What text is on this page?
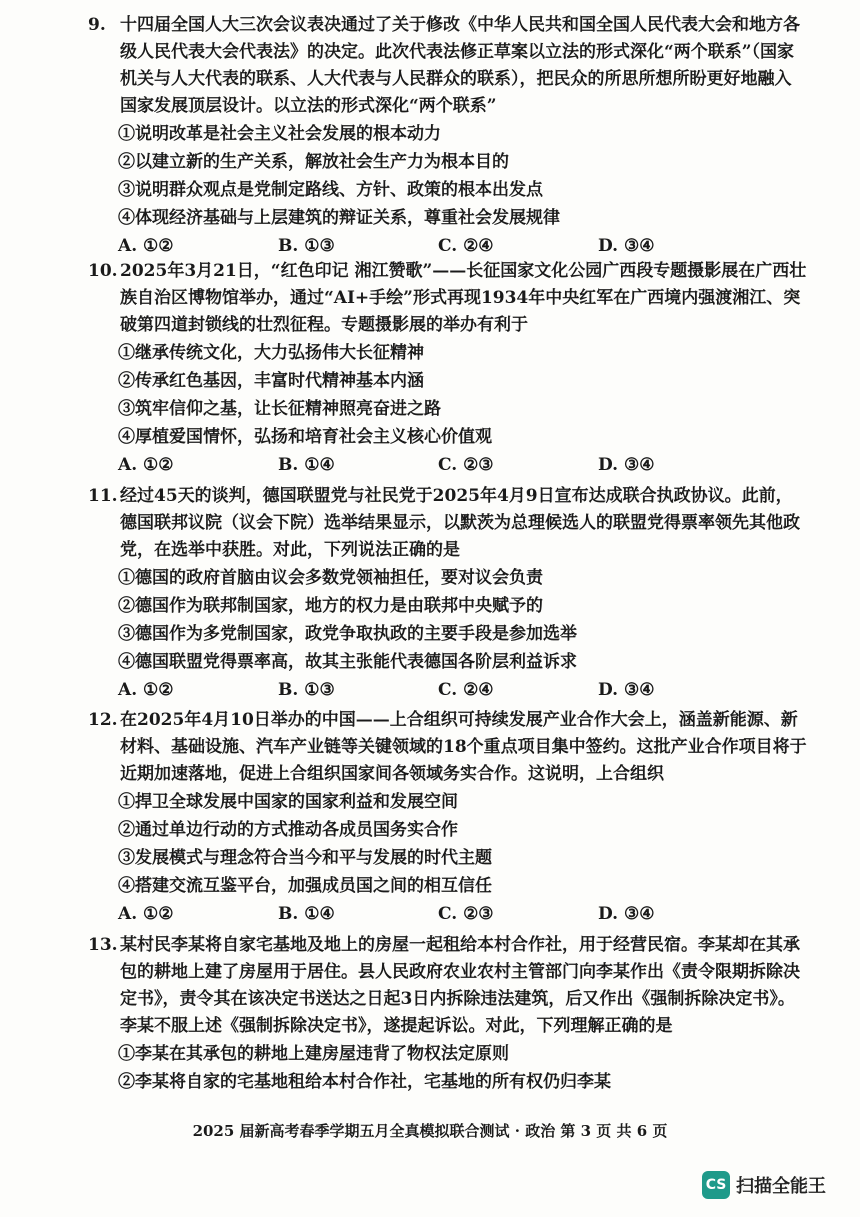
9. 十四届全国人大三次会议表决通过了关于修改《中华人民共和国全国人民代表大会和地方各级人民代表大会代表法》的决定。此次代表法修正草案以立法的形式深化“两个联系”（国家机关与人大代表的联系、人大代表与人民群众的联系），把民众的所思所想所盼更好地融入国家发展顶层设计。以立法的形式深化“两个联系”
①说明改革是社会主义社会发展的根本动力
②以建立新的生产关系，解放社会生产力为根本目的
③说明群众观点是党制定路线、方针、政策的根本出发点
④体现经济基础与上层建筑的辩证关系，尊重社会发展规律
A. ①②	B. ①③	C. ②④	D. ③④
10. 2025年3月21日，“红色印记 湘江赞歌”——长征国家文化公园广西段专题摄影展在广西壮族自治区博物馆举办，通过“AI+手绘”形式再现1934年中央红军在广西境内强渡湘江、突破第四道封锁线的壮烈征程。专题摄影展的举办有利于
①继承传统文化，大力弘扬伟大长征精神
②传承红色基因，丰富时代精神基本内涵
③筑牢信仰之基，让长征精神照亮奋进之路
④厚植爱国情怀，弘扬和培育社会主义核心价值观
A. ①②	B. ①④	C. ②③	D. ③④
11. 经过45天的谈判，德国联盟党与社民党于2025年4月9日宣布达成联合执政协议。此前，德国联邦议院（议会下院）选举结果显示，以默茨为总理候选人的联盟党得票率领先其他政党，在选举中获胜。对此，下列说法正确的是
①德国的政府首脑由议会多数党领袖担任，要对议会负责
②德国作为联邦制国家，地方的权力是由联邦中央赋予的
③德国作为多党制国家，政党争取执政的主要手段是参加选举
④德国联盟党得票率高，故其主张能代表德国各阶层利益诉求
A. ①②	B. ①③	C. ②④	D. ③④
12. 在2025年4月10日举办的中国——上合组织可持续发展产业合作大会上，涵盖新能源、新材料、基础设施、汽车产业链等关键领域的18个重点项目集中签约。这批产业合作项目将于近期加速落地，促进上合组织国家间各领域务实合作。这说明，上合组织
①捍卫全球发展中国家的国家利益和发展空间
②通过单边行动的方式推动各成员国务实合作
③发展模式与理念符合当今和平与发展的时代主题
④搭建交流互鉴平台，加强成员国之间的相互信任
A. ①②	B. ①④	C. ②③	D. ③④
13. 某村民李某将自家宅基地及地上的房屋一起租给本村合作社，用于经营民宿。李某却在其承包的耕地上建了房屋用于居住。县人民政府农业农村主管部门向李某作出《责令限期拆除决定书》，责令其在该决定书送达之日起3日内拆除违法建筑，后又作出《强制拆除决定书》。李某不服上述《强制拆除决定书》，遂提起诉讼。对此，下列理解正确的是
①李某在其承包的耕地上建房屋违背了物权法定原则
②李某将自家的宅基地租给本村合作社，宅基地的所有权仍归李某
2025 届新高考春季学期五月全真模拟联合测试 · 政治 第 3 页 共 6 页
CS 扫描全能王
